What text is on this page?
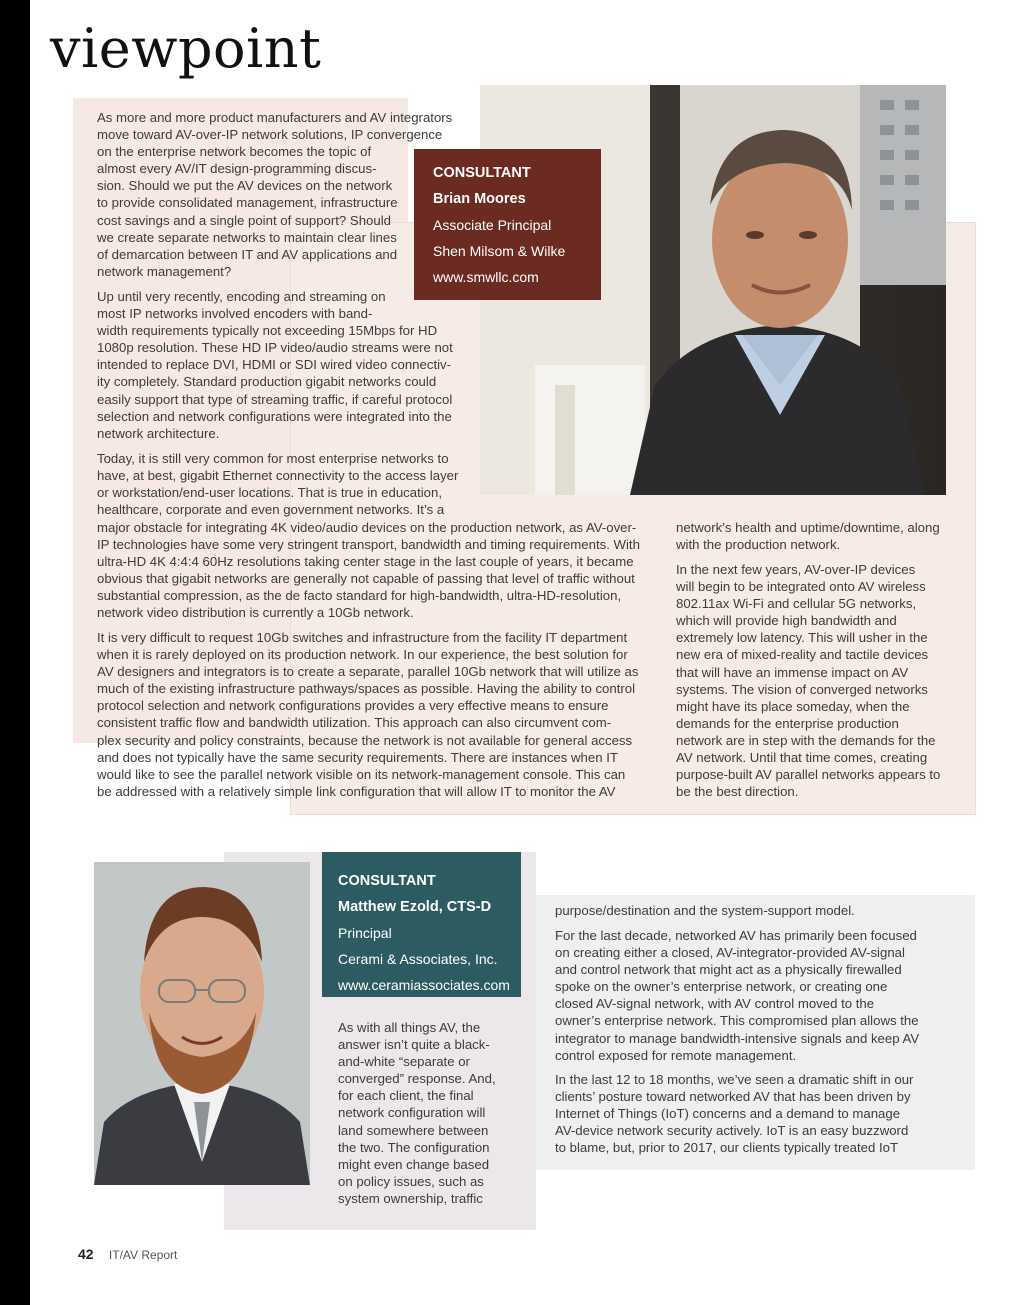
viewpoint
CONSULTANT
Brian Moores
Associate Principal
Shen Milsom & Wilke
www.smwllc.com
As more and more product manufacturers and AV integrators
move toward AV-over-IP network solutions, IP convergence
on the enterprise network becomes the topic of
almost every AV/IT design-programming discus-
sion. Should we put the AV devices on the network
to provide consolidated management, infrastructure
cost savings and a single point of support? Should
we create separate networks to maintain clear lines
of demarcation between IT and AV applications and
network management?
Up until very recently, encoding and streaming on
most IP networks involved encoders with band-
width requirements typically not exceeding 15Mbps for HD
1080p resolution. These HD IP video/audio streams were not
intended to replace DVI, HDMI or SDI wired video connectiv-
ity completely. Standard production gigabit networks could
easily support that type of streaming traffic, if careful protocol
selection and network configurations were integrated into the
network architecture.
Today, it is still very common for most enterprise networks to
have, at best, gigabit Ethernet connectivity to the access layer
or workstation/end-user locations. That is true in education,
healthcare, corporate and even government networks. It’s a
major obstacle for integrating 4K video/audio devices on the production network, as AV-over-
IP technologies have some very stringent transport, bandwidth and timing requirements. With
ultra-HD 4K 4:4:4 60Hz resolutions taking center stage in the last couple of years, it became
obvious that gigabit networks are generally not capable of passing that level of traffic without
substantial compression, as the de facto standard for high-bandwidth, ultra-HD-resolution,
network video distribution is currently a 10Gb network.
It is very difficult to request 10Gb switches and infrastructure from the facility IT department
when it is rarely deployed on its production network. In our experience, the best solution for
AV designers and integrators is to create a separate, parallel 10Gb network that will utilize as
much of the existing infrastructure pathways/spaces as possible. Having the ability to control
protocol selection and network configurations provides a very effective means to ensure
consistent traffic flow and bandwidth utilization. This approach can also circumvent com-
plex security and policy constraints, because the network is not available for general access
and does not typically have the same security requirements. There are instances when IT
would like to see the parallel network visible on its network-management console. This can
be addressed with a relatively simple link configuration that will allow IT to monitor the AV
network’s health and uptime/downtime, along
with the production network.
In the next few years, AV-over-IP devices
will begin to be integrated onto AV wireless
802.11ax Wi-Fi and cellular 5G networks,
which will provide high bandwidth and
extremely low latency. This will usher in the
new era of mixed-reality and tactile devices
that will have an immense impact on AV
systems. The vision of converged networks
might have its place someday, when the
demands for the enterprise production
network are in step with the demands for the
AV network. Until that time comes, creating
purpose-built AV parallel networks appears to
be the best direction.
CONSULTANT
Matthew Ezold, CTS-D
Principal
Cerami & Associates, Inc.
www.ceramiassociates.com
As with all things AV, the
answer isn’t quite a black-
and-white “separate or
converged” response. And,
for each client, the final
network configuration will
land somewhere between
the two. The configuration
might even change based
on policy issues, such as
system ownership, traffic
purpose/destination and the system-support model.
For the last decade, networked AV has primarily been focused
on creating either a closed, AV-integrator-provided AV-signal
and control network that might act as a physically firewalled
spoke on the owner’s enterprise network, or creating one
closed AV-signal network, with AV control moved to the
owner’s enterprise network. This compromised plan allows the
integrator to manage bandwidth-intensive signals and keep AV
control exposed for remote management.
In the last 12 to 18 months, we’ve seen a dramatic shift in our
clients’ posture toward networked AV that has been driven by
Internet of Things (IoT) concerns and a demand to manage
AV-device network security actively. IoT is an easy buzzword
to blame, but, prior to 2017, our clients typically treated IoT
42 IT/AV Report
